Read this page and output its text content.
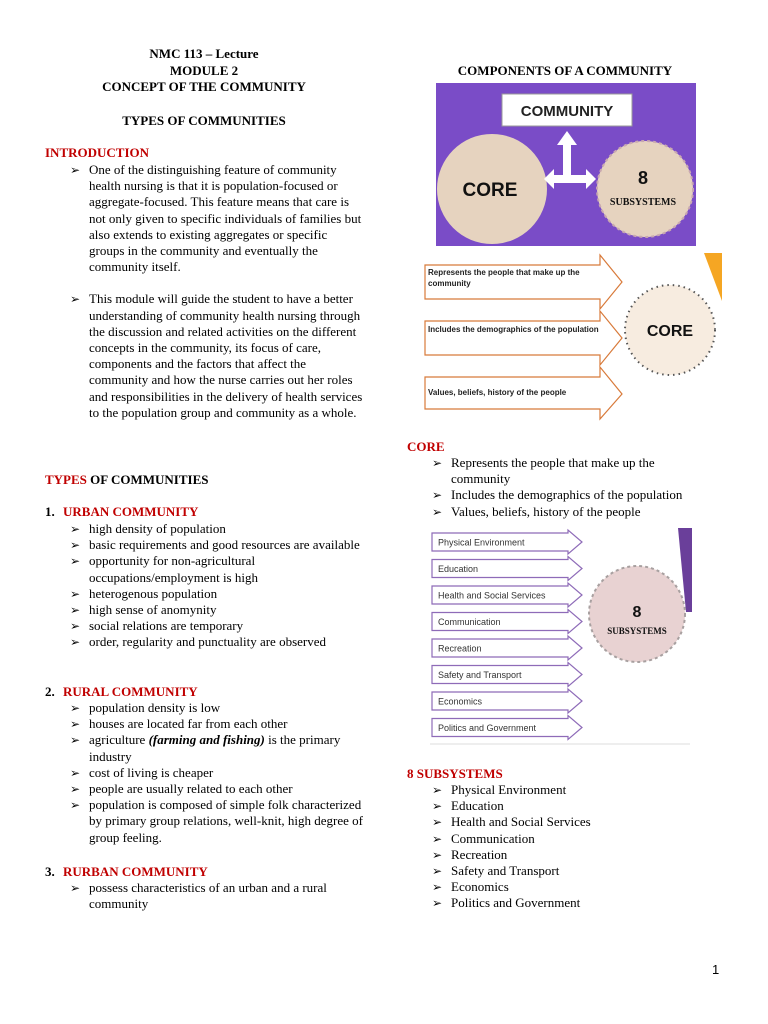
NMC 113 – Lecture
MODULE 2
CONCEPT OF THE COMMUNITY
TYPES OF COMMUNITIES
INTRODUCTION
➢ One of the distinguishing feature of community health nursing is that it is population-focused or aggregate-focused. This feature means that care is not only given to specific individuals of families but also extends to existing aggregates or specific groups in the community and eventually the community itself.
➢ This module will guide the student to have a better understanding of community health nursing through the discussion and related activities on the different concepts in the community, its focus of care, components and the factors that affect the community and how the nurse carries out her roles and responsibilities in the delivery of health services to the population group and community as a whole.
TYPES OF COMMUNITIES
1. URBAN COMMUNITY
➢ high density of population
➢ basic requirements and good resources are available
➢ opportunity for non-agricultural occupations/employment is high
➢ heterogenous population
➢ high sense of anomynity
➢ social relations are temporary
➢ order, regularity and punctuality are observed
2. RURAL COMMUNITY
➢ population density is low
➢ houses are located far from each other
➢ agriculture (farming and fishing) is the primary industry
➢ cost of living is cheaper
➢ people are usually related to each other
➢ population is composed of simple folk characterized by primary group relations, well-knit, high degree of group feeling.
3. RURBAN COMMUNITY
➢ possess characteristics of an urban and a rural community
COMPONENTS OF A COMMUNITY
COMMUNITY
CORE
8
SUBSYSTEMS
Represents the people that make up the community
Includes the demographics of the population
Values, beliefs, history of the people
CORE
CORE
➢ Represents the people that make up the community
➢ Includes the demographics of the population
➢ Values, beliefs, history of the people
Physical Environment
Education
Health and Social Services
Communication
Recreation
Safety and Transport
Economics
Politics and Government
8
SUBSYSTEMS
8 SUBSYSTEMS
➢ Physical Environment
➢ Education
➢ Health and Social Services
➢ Communication
➢ Recreation
➢ Safety and Transport
➢ Economics
➢ Politics and Government
1
